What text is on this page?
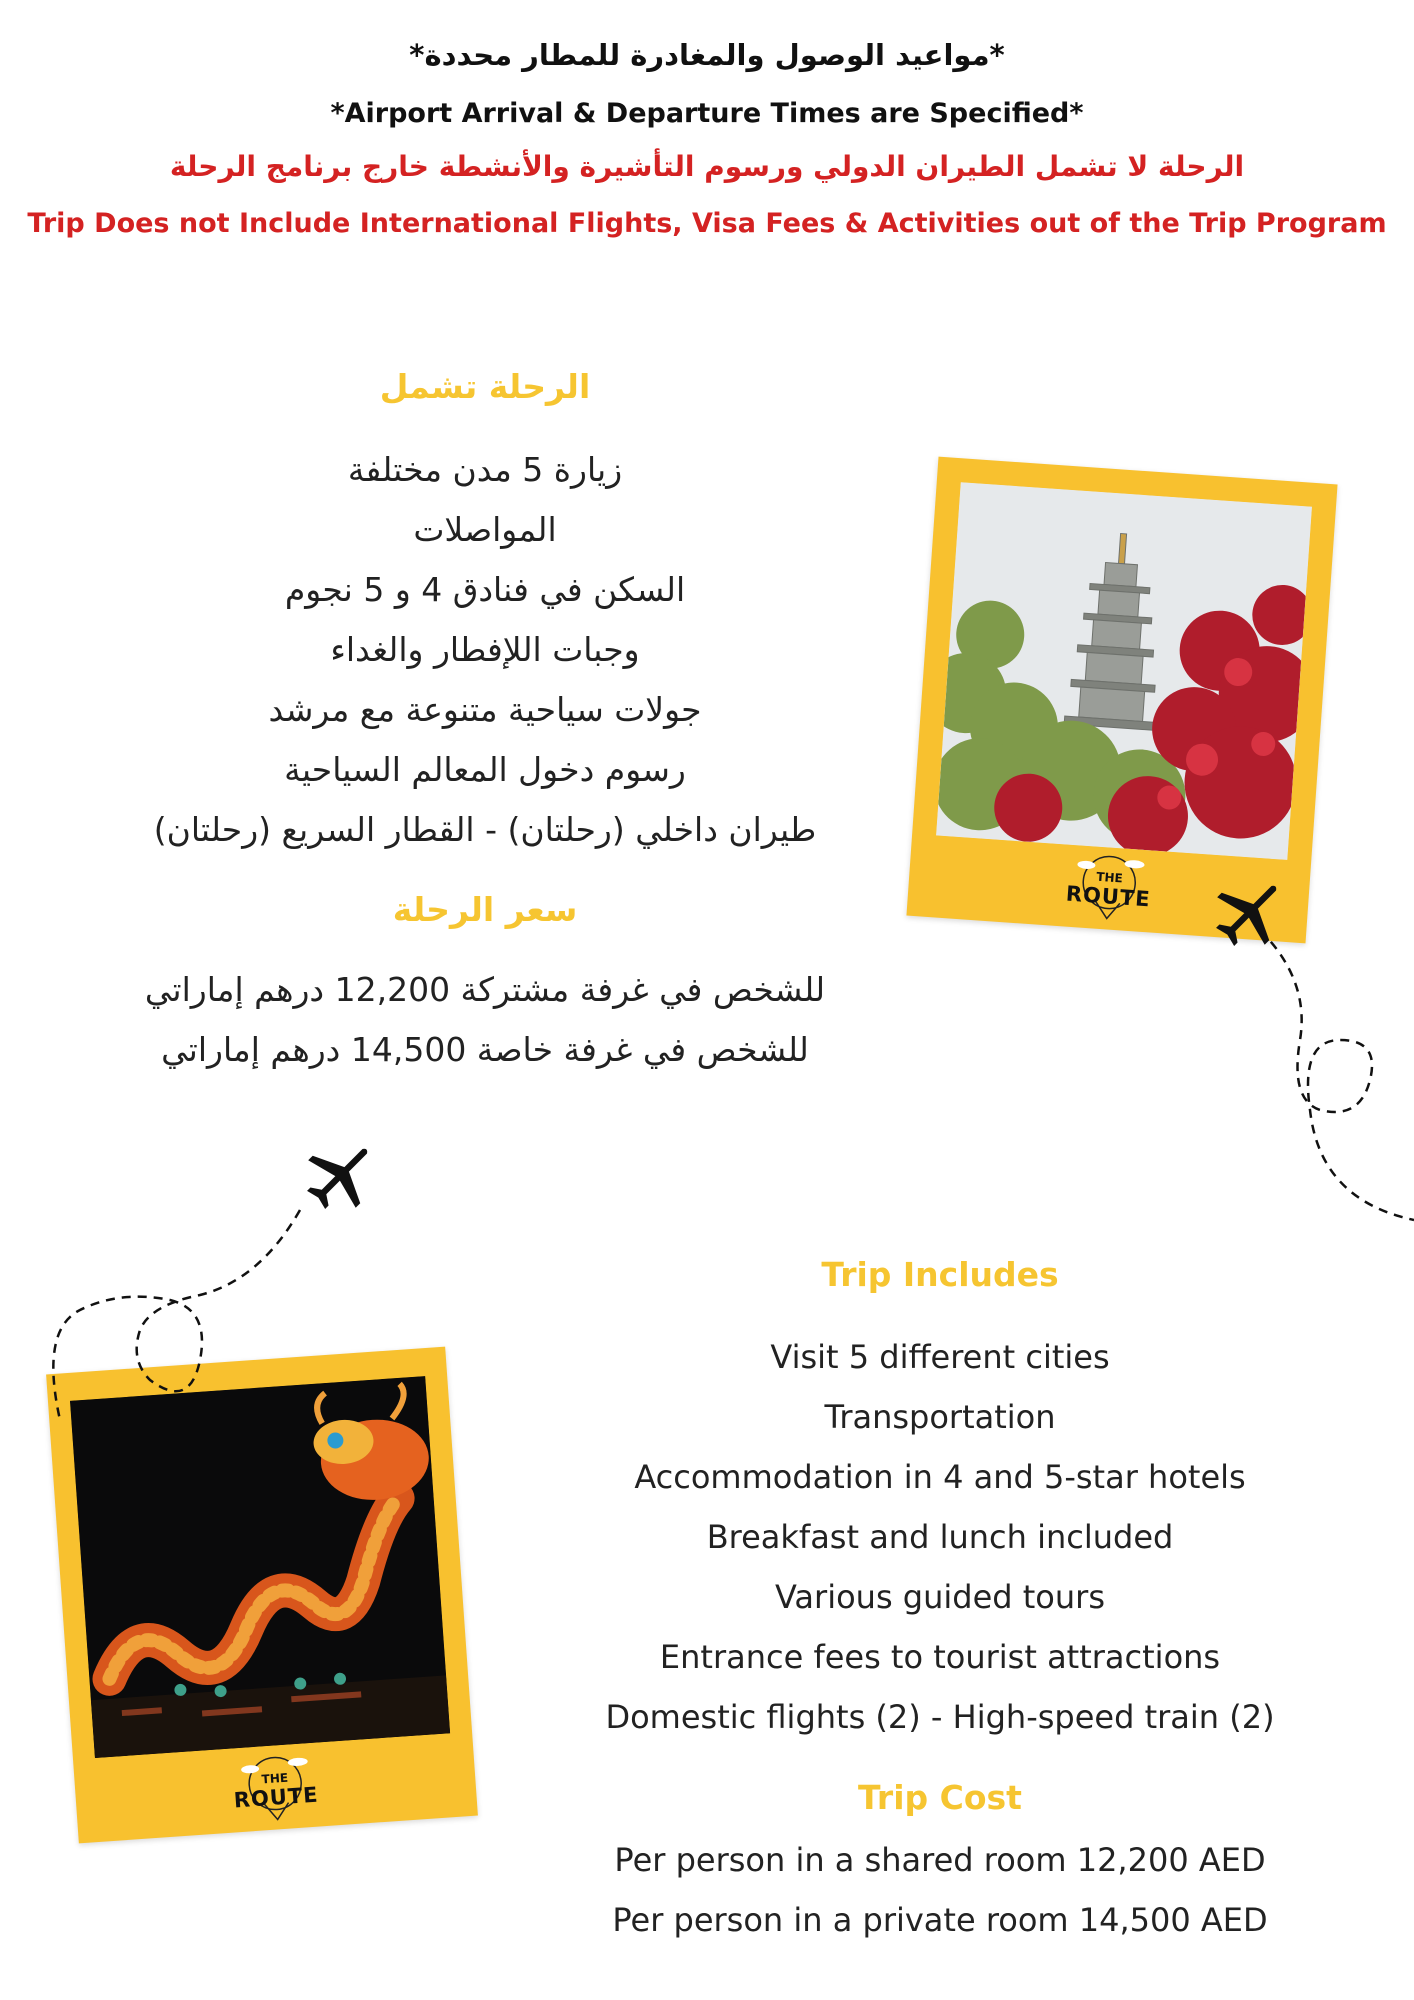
*مواعيد الوصول والمغادرة للمطار محددة*
*Airport Arrival & Departure Times are Specified*
الرحلة لا تشمل الطيران الدولي ورسوم التأشيرة والأنشطة خارج برنامج الرحلة
Trip Does not Include International Flights, Visa Fees & Activities out of the Trip Program
الرحلة تشمل
زيارة 5 مدن مختلفة
المواصلات
السكن في فنادق 4 و 5 نجوم
وجبات اللإفطار والغداء
جولات سياحية متنوعة مع مرشد
رسوم دخول المعالم السياحية
طيران داخلي (رحلتان) - القطار السريع (رحلتان)
سعر الرحلة
للشخص في غرفة مشتركة 12,200 درهم إماراتي
للشخص في غرفة خاصة 14,500 درهم إماراتي
Trip Includes
Visit 5 different cities
Transportation
Accommodation in 4 and 5-star hotels
Breakfast and lunch included
Various guided tours
Entrance fees to tourist attractions
Domestic flights (2) - High-speed train (2)
Trip Cost
Per person in a shared room 12,200 AED
Per person in a private room 14,500 AED
THE
ROUTE
THE
ROUTE
